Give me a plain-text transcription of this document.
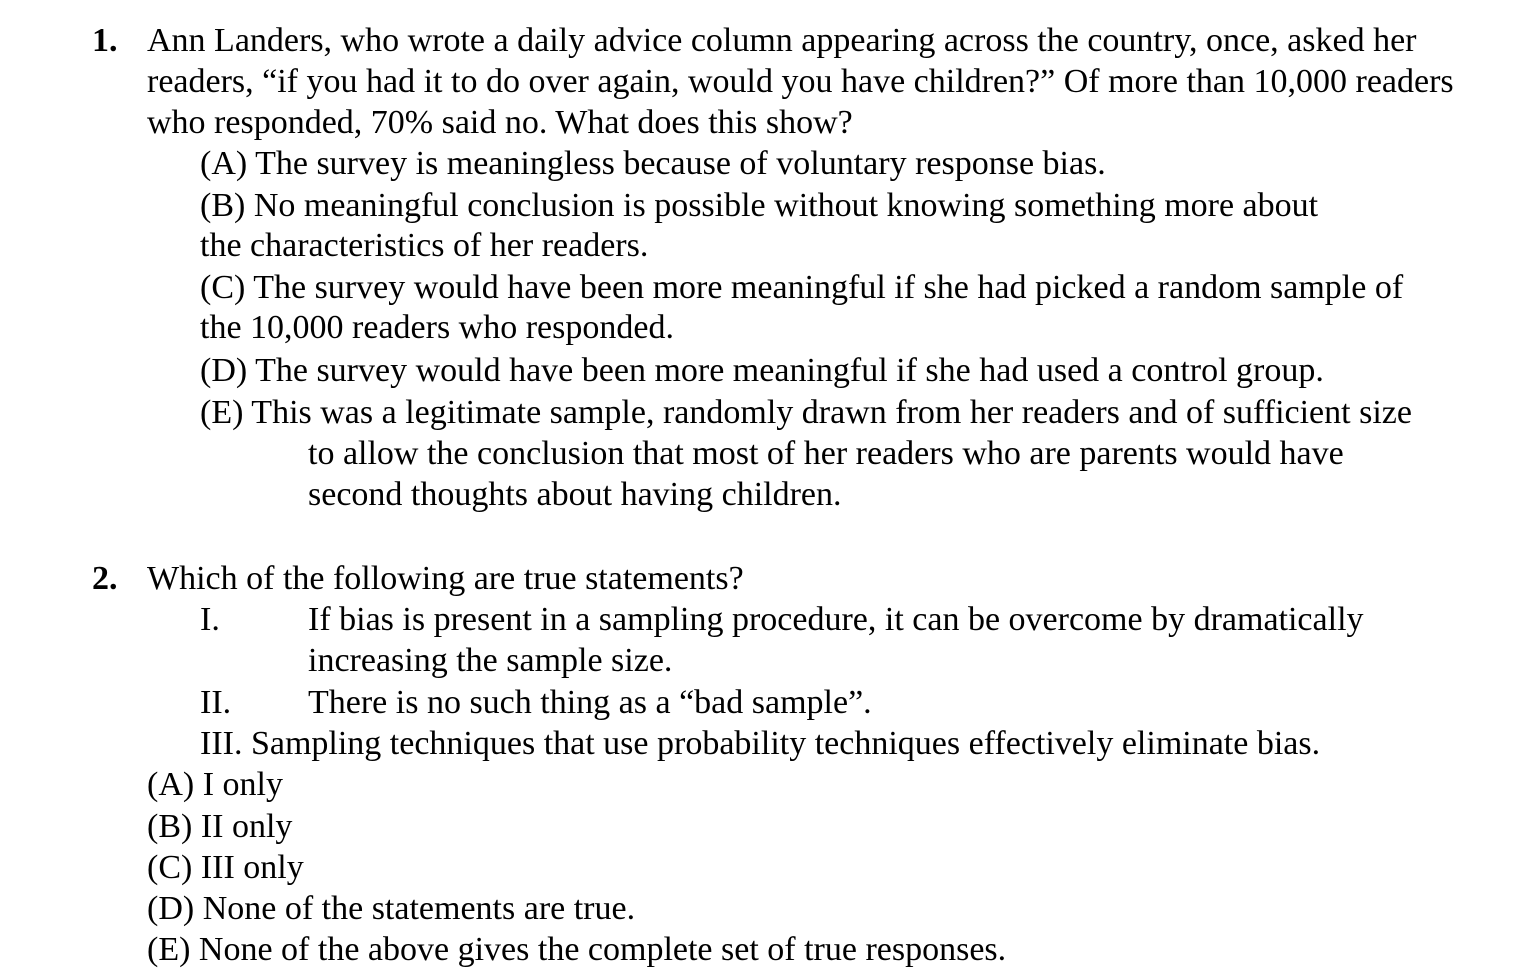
1. Ann Landers, who wrote a daily advice column appearing across the country, once, asked her
readers, “if you had it to do over again, would you have children?” Of more than 10,000 readers
who responded, 70% said no. What does this show?
(A) The survey is meaningless because of voluntary response bias.
(B) No meaningful conclusion is possible without knowing something more about
the characteristics of her readers.
(C) The survey would have been more meaningful if she had picked a random sample of
the 10,000 readers who responded.
(D) The survey would have been more meaningful if she had used a control group.
(E) This was a legitimate sample, randomly drawn from her readers and of sufficient size
to allow the conclusion that most of her readers who are parents would have
second thoughts about having children.
2. Which of the following are true statements?
I.	If bias is present in a sampling procedure, it can be overcome by dramatically
increasing the sample size.
II. There is no such thing as a “bad sample”.
III. Sampling techniques that use probability techniques effectively eliminate bias.
(A) I only
(B) II only
(C) III only
(D) None of the statements are true.
(E) None of the above gives the complete set of true responses.
